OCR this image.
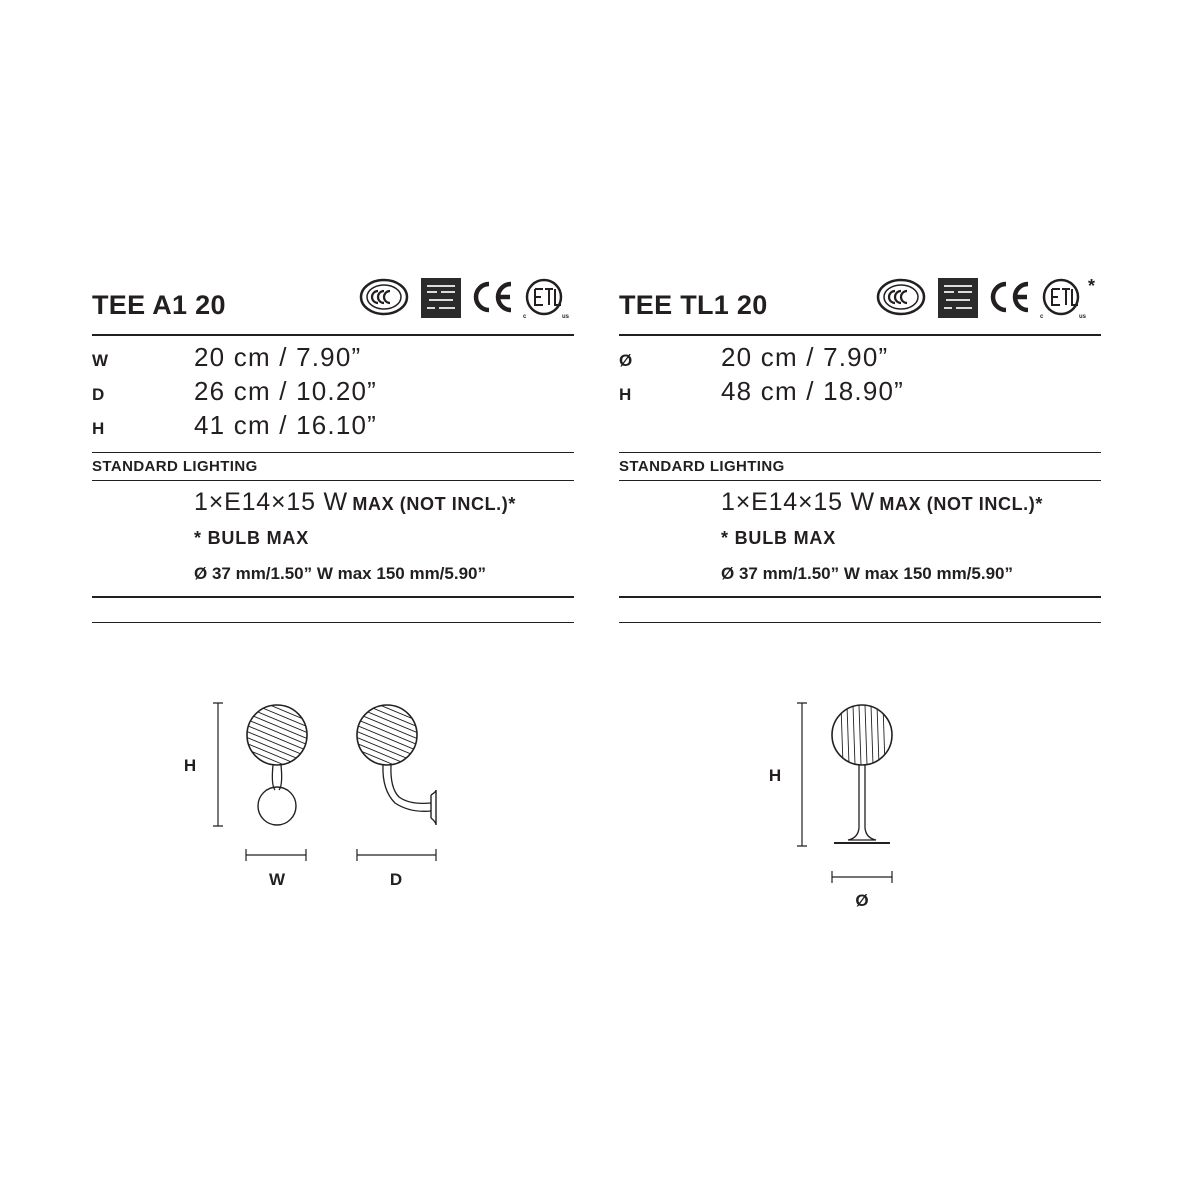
TEE A1 20	c	us
W	20 cm / 7.90”
D	26 cm / 10.20”
H	41 cm / 16.10”
STANDARD LIGHTING
1×E14×15 W MAX (NOT INCL.)*
* BULB MAX
Ø 37 mm/1.50” W max 150 mm/5.90”
TEE TL1 20	c	us
*
Ø	20 cm / 7.90”
H	48 cm / 18.90”
STANDARD LIGHTING
1×E14×15 W MAX (NOT INCL.)*
* BULB MAX
Ø 37 mm/1.50” W max 150 mm/5.90”
H
W	D
H
Ø
